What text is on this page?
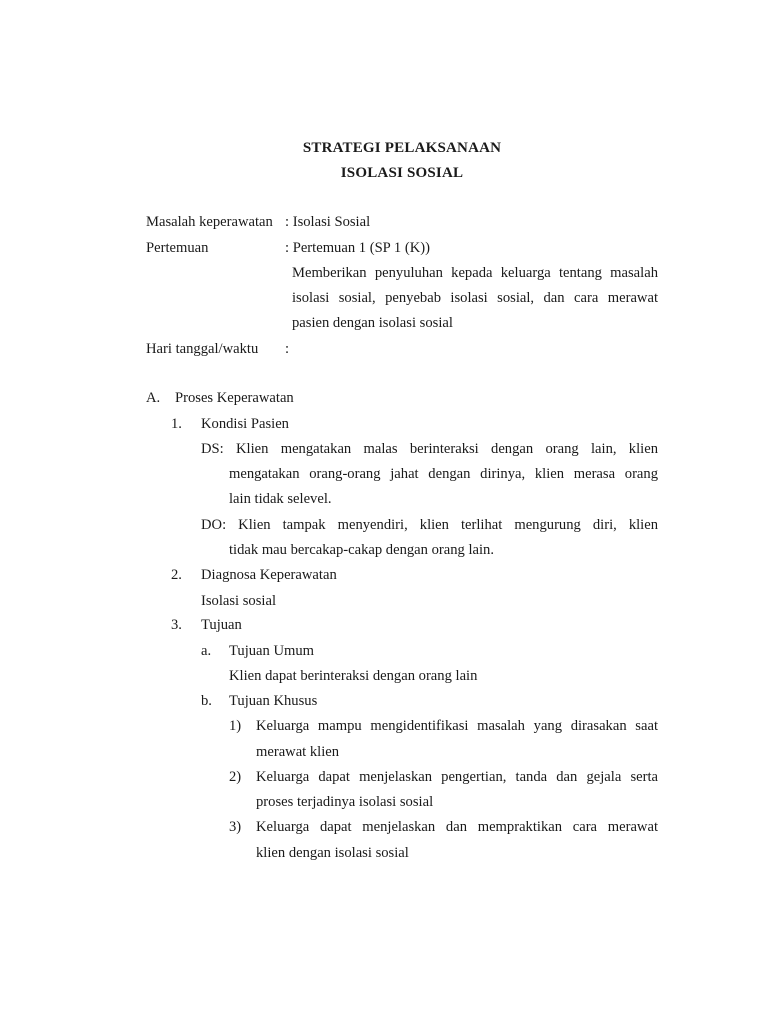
STRATEGI PELAKSANAAN
ISOLASI SOSIAL
Masalah keperawatan : Isolasi Sosial
Pertemuan	: Pertemuan 1 (SP 1 (K))
Memberikan penyuluhan kepada keluarga tentang masalah
isolasi sosial, penyebab isolasi sosial, dan cara merawat
pasien dengan isolasi sosial
Hari tanggal/waktu :
A. Proses Keperawatan
1. Kondisi Pasien
DS: Klien mengatakan malas berinteraksi dengan orang lain, klien
mengatakan orang-orang jahat dengan dirinya, klien merasa orang
lain tidak selevel.
DO: Klien tampak menyendiri, klien terlihat mengurung diri, klien
tidak mau bercakap-cakap dengan orang lain.
2. Diagnosa Keperawatan
Isolasi sosial
3. Tujuan
a. Tujuan Umum
Klien dapat berinteraksi dengan orang lain
b. Tujuan Khusus
1) Keluarga mampu mengidentifikasi masalah yang dirasakan saat
merawat klien
2) Keluarga dapat menjelaskan pengertian, tanda dan gejala serta
proses terjadinya isolasi sosial
3) Keluarga dapat menjelaskan dan mempraktikan cara merawat
klien dengan isolasi sosial
